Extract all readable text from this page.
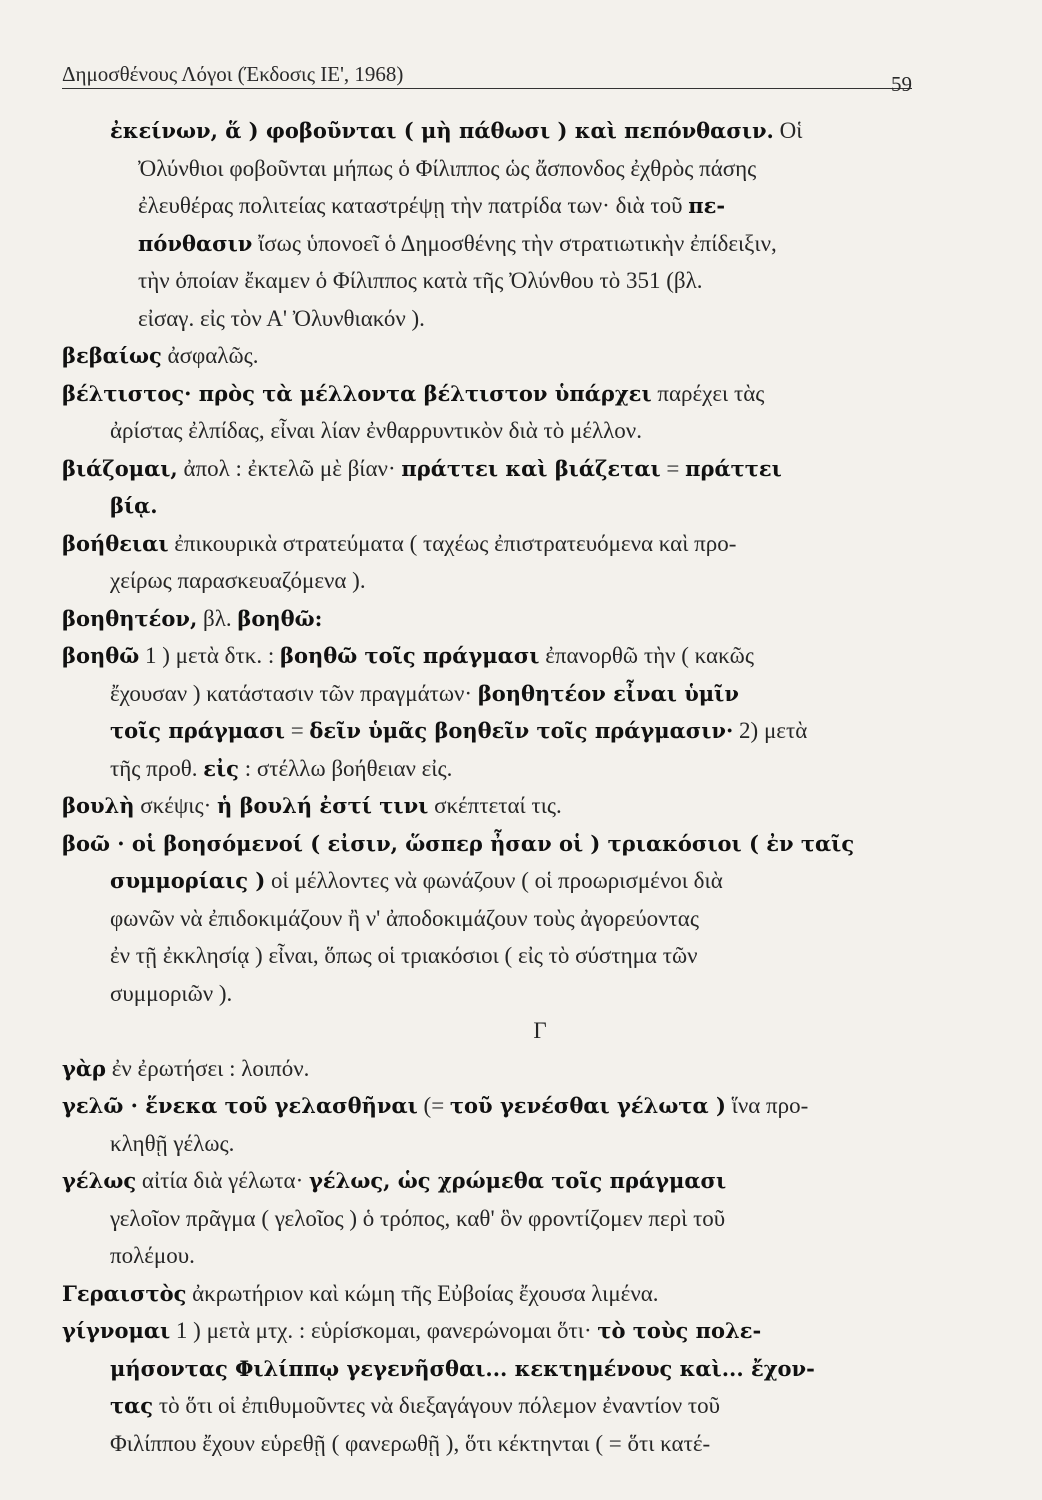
Δημοσθένους Λόγοι (Έκδοσις ΙΕ', 1968)	59
ἐκείνων, ἅ ) φοβοῦνται ( μὴ πάθωσι ) καὶ πεπόνθασιν. Οἱ
Ὀλύνθιοι φοβοῦνται μήπως ὁ Φίλιππος ὡς ἄσπονδος ἐχθρὸς πάσης
ἐλευθέρας πολιτείας καταστρέψῃ τὴν πατρίδα των· διὰ τοῦ πε-
πόνθασιν ἴσως ὑπονοεῖ ὁ Δημοσθένης τὴν στρατιωτικὴν ἐπίδειξιν,
τὴν ὁποίαν ἔκαμεν ὁ Φίλιππος κατὰ τῆς Ὀλύνθου τὸ 351 (βλ.
εἰσαγ. εἰς τὸν Α' Ὀλυνθιακόν ).
βεβαίως ἀσφαλῶς.
βέλτιστος· πρὸς τὰ μέλλοντα βέλτιστον ὑπάρχει παρέχει τὰς
ἀρίστας ἐλπίδας, εἶναι λίαν ἐνθαρρυντικὸν διὰ τὸ μέλλον.
βιάζομαι, ἀπολ : ἐκτελῶ μὲ βίαν· πράττει καὶ βιάζεται = πράττει
βίᾳ.
βοήθειαι ἐπικουρικὰ στρατεύματα ( ταχέως ἐπιστρατευόμενα καὶ προ-
χείρως παρασκευαζόμενα ).
βοηθητέον, βλ. βοηθῶ:
βοηθῶ 1 ) μετὰ δτκ. : βοηθῶ τοῖς πράγμασι ἐπανορθῶ τὴν ( κακῶς
ἔχουσαν ) κατάστασιν τῶν πραγμάτων· βοηθητέον εἶναι ὑμῖν
τοῖς πράγμασι = δεῖν ὑμᾶς βοηθεῖν τοῖς πράγμασιν· 2) μετὰ
τῆς προθ. εἰς : στέλλω βοήθειαν εἰς.
βουλὴ σκέψις· ἡ βουλή ἐστί τινι σκέπτεταί τις.
βοῶ · οἱ βοησόμενοί ( εἰσιν, ὥσπερ ἦσαν οἱ ) τριακόσιοι ( ἐν ταῖς
συμμορίαις ) οἱ μέλλοντες νὰ φωνάζουν ( οἱ προωρισμένοι διὰ
φωνῶν νὰ ἐπιδοκιμάζουν ἢ ν' ἀποδοκιμάζουν τοὺς ἀγορεύοντας
ἐν τῇ ἐκκλησίᾳ ) εἶναι, ὅπως οἱ τριακόσιοι ( εἰς τὸ σύστημα τῶν
συμμοριῶν ).
Γ
γὰρ ἐν ἐρωτήσει : λοιπόν.
γελῶ · ἕνεκα τοῦ γελασθῆναι (= τοῦ γενέσθαι γέλωτα ) ἵνα προ-
κληθῇ γέλως.
γέλως αἰτία διὰ γέλωτα· γέλως, ὡς χρώμεθα τοῖς πράγμασι
γελοῖον πρᾶγμα ( γελοῖος ) ὁ τρόπος, καθ' ὃν φροντίζομεν περὶ τοῦ
πολέμου.
Γεραιστὸς ἀκρωτήριον καὶ κώμη τῆς Εὐβοίας ἔχουσα λιμένα.
γίγνομαι 1 ) μετὰ μτχ. : εὑρίσκομαι, φανερώνομαι ὅτι· τὸ τοὺς πολε-
μήσοντας Φιλίππῳ γεγενῆσθαι... κεκτημένους καὶ... ἔχον-
τας τὸ ὅτι οἱ ἐπιθυμοῦντες νὰ διεξαγάγουν πόλεμον ἐναντίον τοῦ
Φιλίππου ἔχουν εὑρεθῇ ( φανερωθῇ ), ὅτι κέκτηνται ( = ὅτι κατέ-
